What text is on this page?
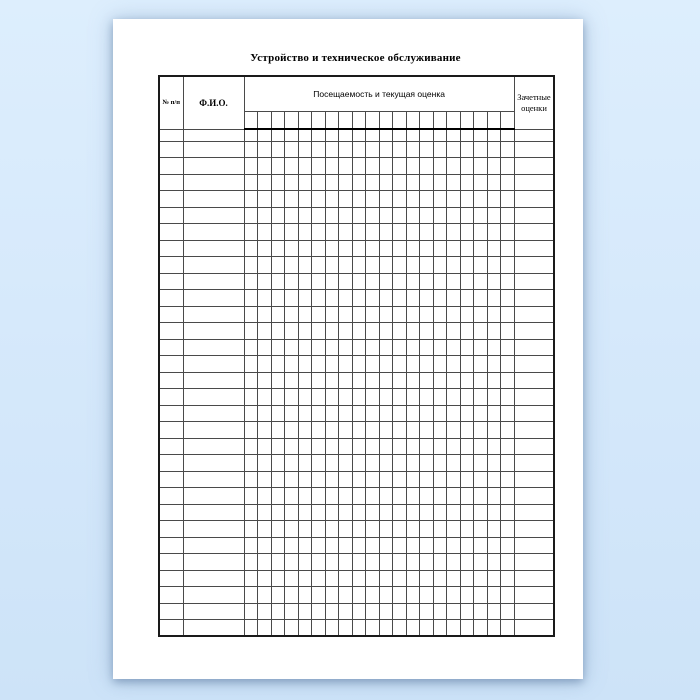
Устройство и техническое обслуживание
№ п/п	Ф.И.О.	Посещаемость и текущая оценка																				Зачетные оценки
